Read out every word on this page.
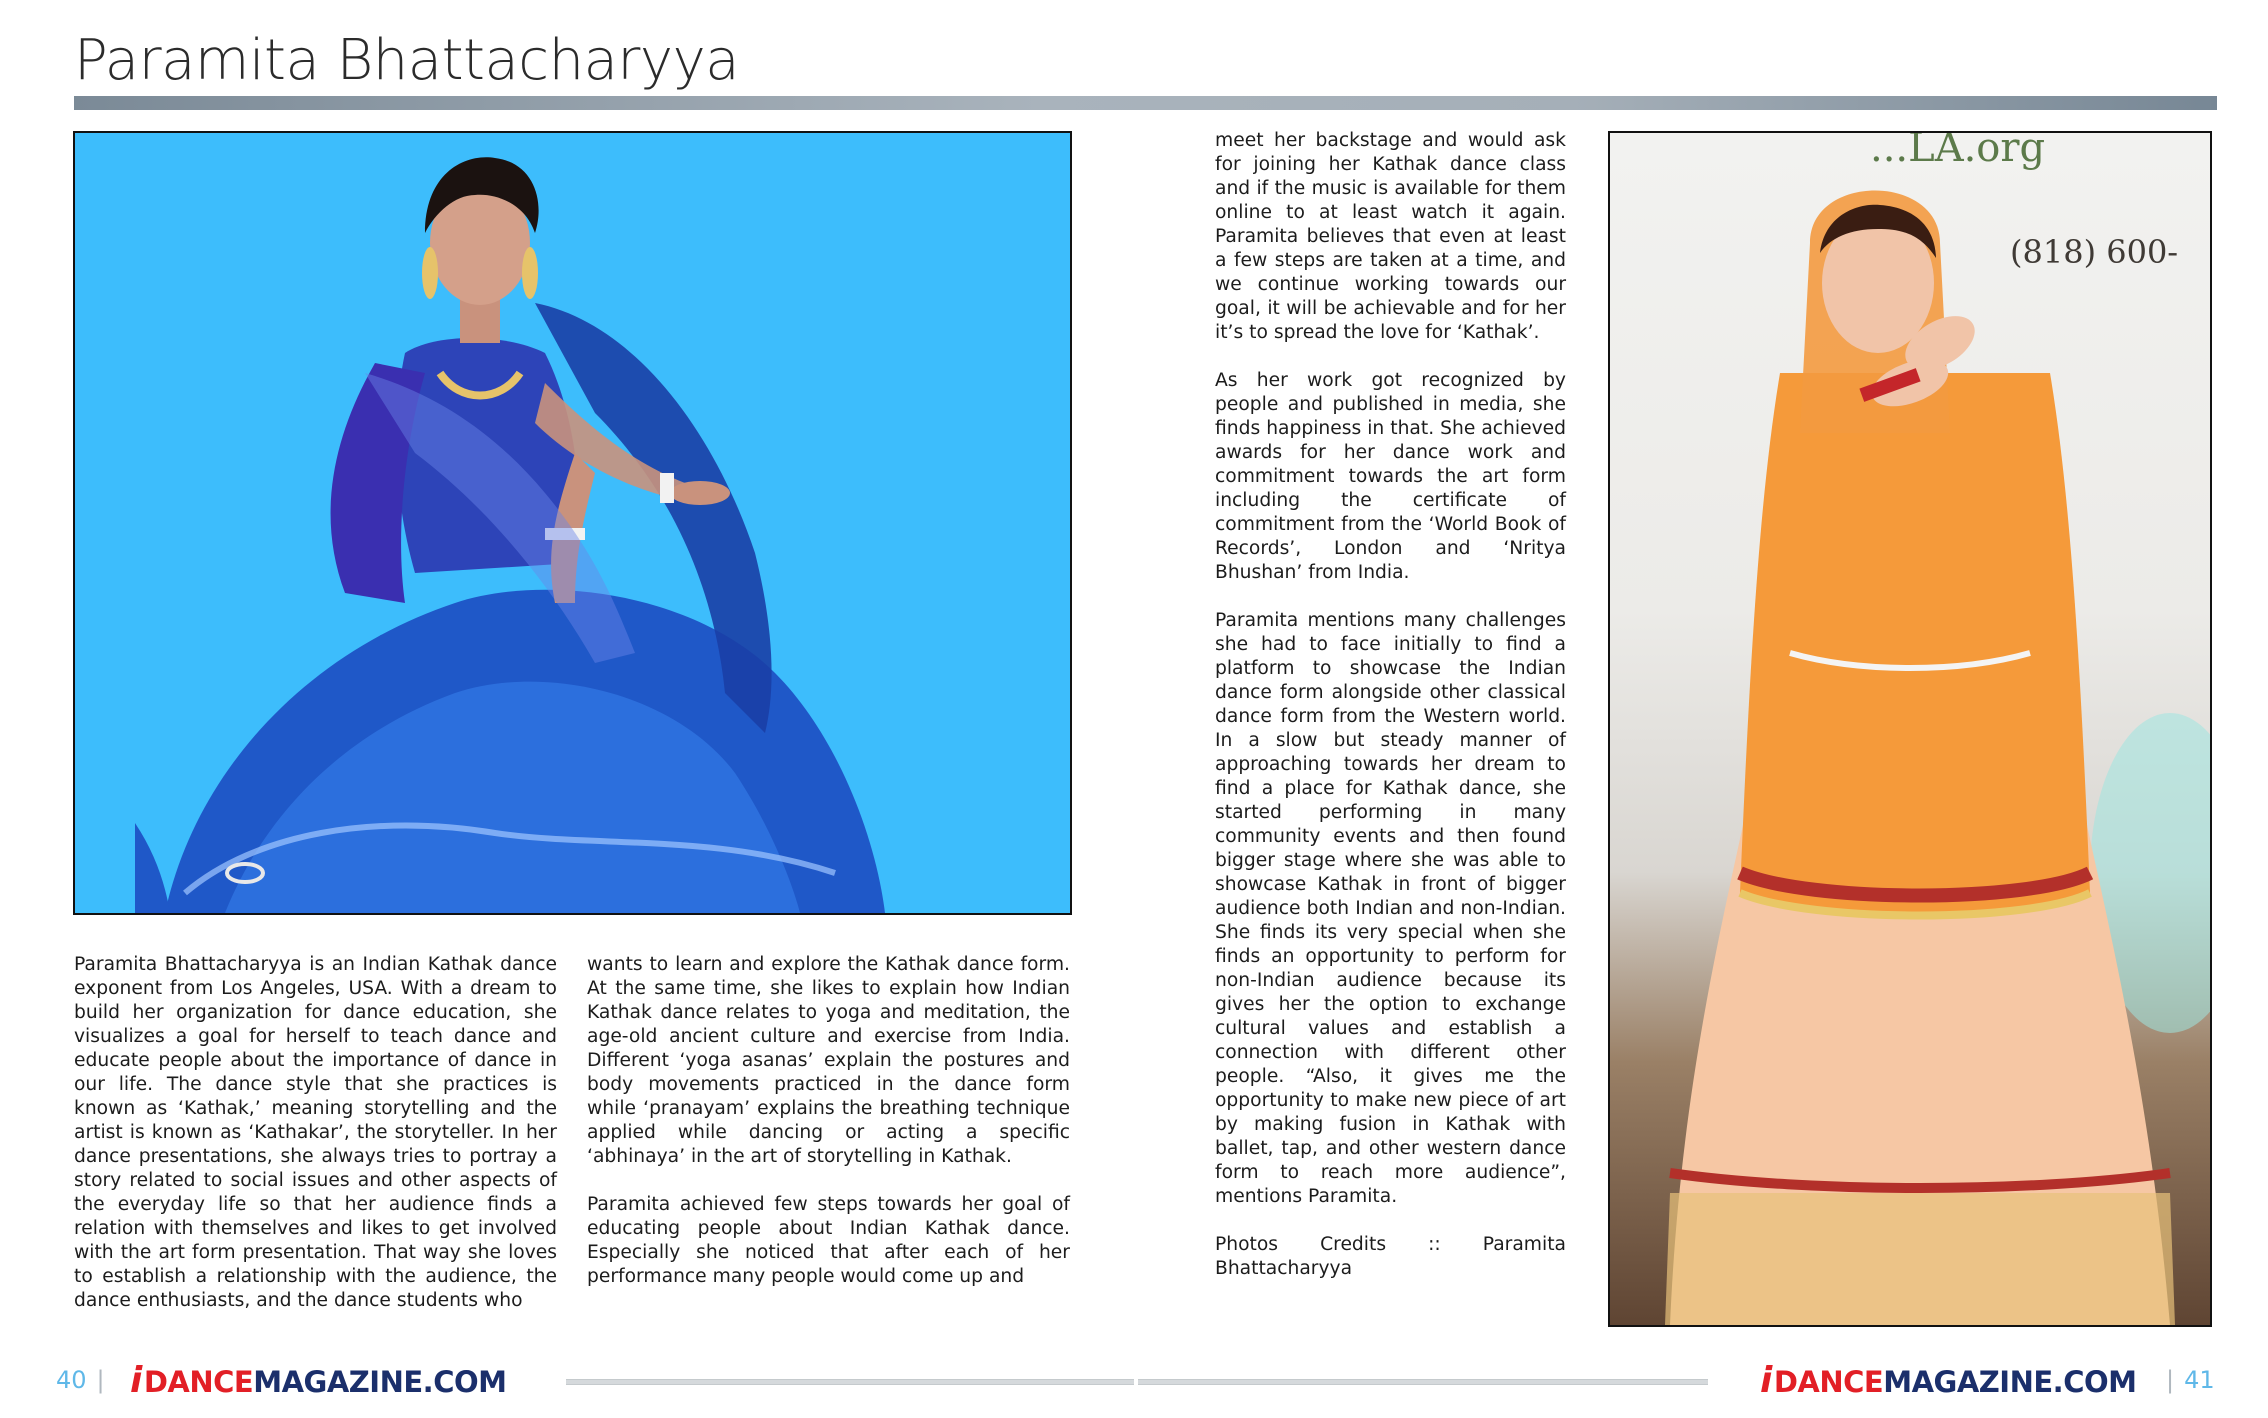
Paramita Bhattacharyya

Paramita Bhattacharyya is an Indian Kathak dance exponent from Los Angeles, USA. With a dream to build her organization for dance education, she visualizes a goal for herself to teach dance and educate people about the importance of dance in our life. The dance style that she practices is known as ‘Kathak,’ meaning storytelling and the artist is known as ‘Kathakar’, the storyteller. In her dance presentations, she always tries to portray a story related to social issues and other aspects of the everyday life so that her audience finds a relation with themselves and likes to get involved with the art form presentation. That way she loves to establish a relationship with the audience, the dance enthusiasts, and the dance students who

wants to learn and explore the Kathak dance form. At the same time, she likes to explain how Indian Kathak dance relates to yoga and meditation, the age-old ancient culture and exercise from India. Different ‘yoga asanas’ explain the postures and body movements practiced in the dance form while ‘pranayam’ explains the breathing technique applied while dancing or acting a specific ‘abhinaya’ in the art of storytelling in Kathak.

Paramita achieved few steps towards her goal of educating people about Indian Kathak dance. Especially she noticed that after each of her performance many people would come up and

meet her backstage and would ask for joining her Kathak dance class and if the music is available for them online to at least watch it again. Paramita believes that even at least a few steps are taken at a time, and we continue working towards our goal, it will be achievable and for her it’s to spread the love for ‘Kathak’.

As her work got recognized by people and published in media, she finds happiness in that. She achieved awards for her dance work and commitment towards the art form including the certificate of commitment from the ‘World Book of Records’, London and ‘Nritya Bhushan’ from India.

Paramita mentions many challenges she had to face initially to find a platform to showcase the Indian dance form alongside other classical dance form from the Western world. In a slow but steady manner of approaching towards her dream to find a place for Kathak dance, she started performing in many community events and then found bigger stage where she was able to showcase Kathak in front of bigger audience both Indian and non-Indian. She finds its very special when she finds an opportunity to perform for non-Indian audience because its gives her the option to exchange cultural values and establish a connection with different other people. “Also, it gives me the opportunity to make new piece of art by making fusion in Kathak with ballet, tap, and other western dance form to reach more audience”, mentions Paramita.

Photos Credits :: Paramita Bhattacharyya

...LA.org
(818) 600-
40 | iDANCEMAGAZINE.COM	iDANCEMAGAZINE.COM	| 41
